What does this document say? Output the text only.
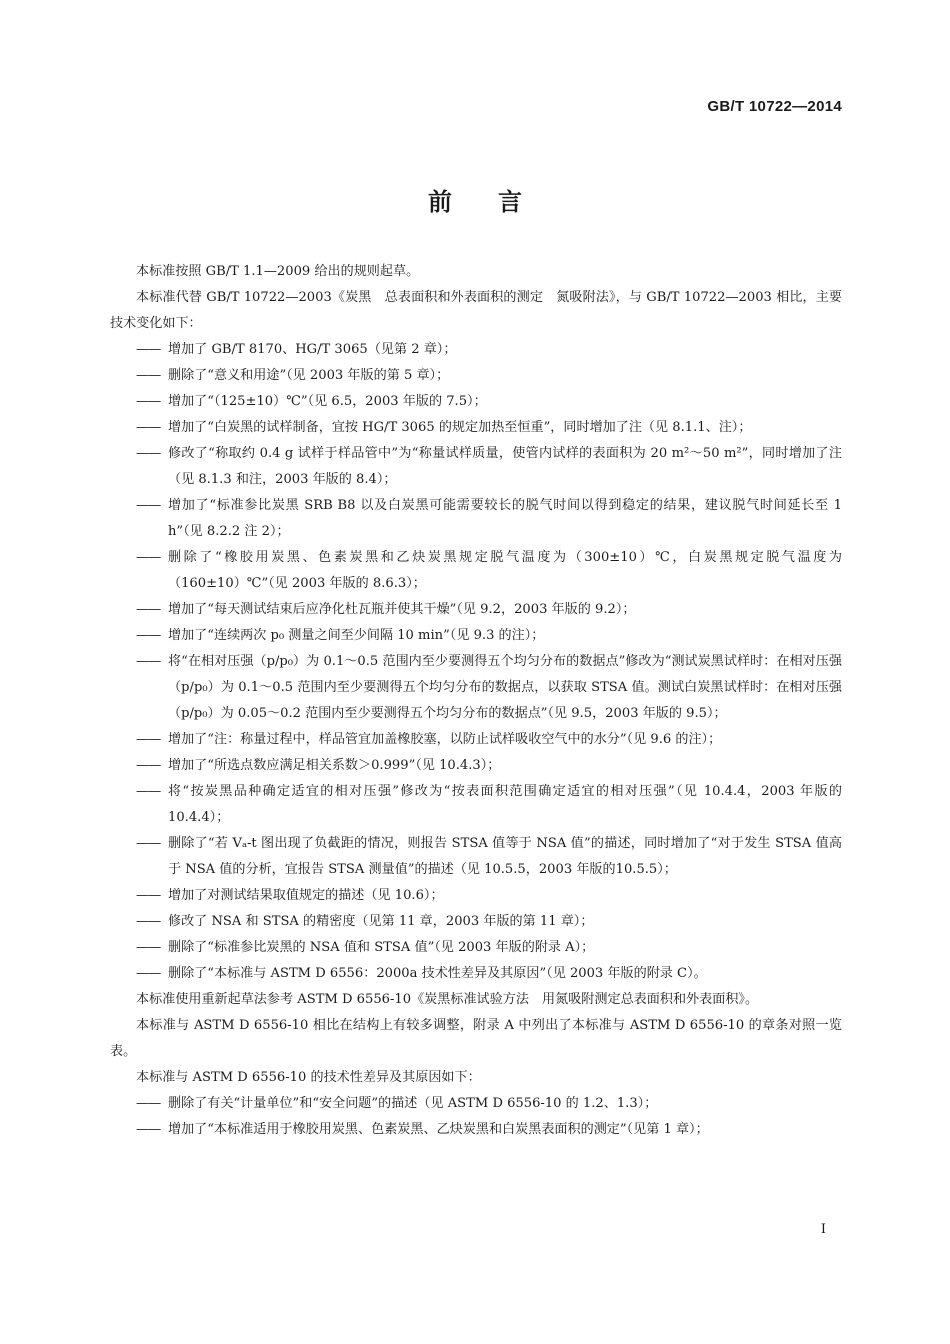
GB/T 10722—2014
前言

本标准按照 GB/T 1.1—2009 给出的规则起草。

本标准代替 GB/T 10722—2003《炭黑　总表面积和外表面积的测定　氮吸附法》，与 GB/T 10722—2003 相比，主要技术变化如下：

—— 增加了 GB/T 8170、HG/T 3065（见第 2 章）；
—— 删除了“意义和用途”（见 2003 年版的第 5 章）；
—— 增加了“（125±10）℃”（见 6.5，2003 年版的 7.5）；
—— 增加了“白炭黑的试样制备，宜按 HG/T 3065 的规定加热至恒重”，同时增加了注（见 8.1.1、注）；
—— 修改了“称取约 0.4 g 试样于样品管中”为“称量试样质量，使管内试样的表面积为 20 m²～50 m²”，同时增加了注（见 8.1.3 和注，2003 年版的 8.4）；
—— 增加了“标准参比炭黑 SRB B8 以及白炭黑可能需要较长的脱气时间以得到稳定的结果，建议脱气时间延长至 1 h”（见 8.2.2 注 2）；
—— 删除了“橡胶用炭黑、色素炭黑和乙炔炭黑规定脱气温度为（300±10）℃，白炭黑规定脱气温度为（160±10）℃”（见 2003 年版的 8.6.3）；
—— 增加了“每天测试结束后应净化杜瓦瓶并使其干燥”（见 9.2，2003 年版的 9.2）；
—— 增加了“连续两次 p₀ 测量之间至少间隔 10 min”（见 9.3 的注）；
—— 将“在相对压强（p/p₀）为 0.1～0.5 范围内至少要测得五个均匀分布的数据点”修改为“测试炭黑试样时：在相对压强（p/p₀）为 0.1～0.5 范围内至少要测得五个均匀分布的数据点，以获取 STSA 值。测试白炭黑试样时：在相对压强（p/p₀）为 0.05～0.2 范围内至少要测得五个均匀分布的数据点”（见 9.5，2003 年版的 9.5）；
—— 增加了“注：称量过程中，样品管宜加盖橡胶塞，以防止试样吸收空气中的水分”（见 9.6 的注）；
—— 增加了“所选点数应满足相关系数＞0.999”（见 10.4.3）；
—— 将“按炭黑品种确定适宜的相对压强”修改为“按表面积范围确定适宜的相对压强”（见 10.4.4，2003 年版的 10.4.4）；
—— 删除了“若 Vₐ-t 图出现了负截距的情况，则报告 STSA 值等于 NSA 值”的描述，同时增加了“对于发生 STSA 值高于 NSA 值的分析，宜报告 STSA 测量值”的描述（见 10.5.5，2003 年版的10.5.5）；
—— 增加了对测试结果取值规定的描述（见 10.6）；
—— 修改了 NSA 和 STSA 的精密度（见第 11 章，2003 年版的第 11 章）；
—— 删除了“标准参比炭黑的 NSA 值和 STSA 值”（见 2003 年版的附录 A）；
—— 删除了“本标准与 ASTM D 6556：2000a 技术性差异及其原因”（见 2003 年版的附录 C）。

本标准使用重新起草法参考 ASTM D 6556-10《炭黑标准试验方法　用氮吸附测定总表面积和外表面积》。

本标准与 ASTM D 6556-10 相比在结构上有较多调整，附录 A 中列出了本标准与 ASTM D 6556-10 的章条对照一览表。

本标准与 ASTM D 6556-10 的技术性差异及其原因如下：

—— 删除了有关“计量单位”和“安全问题”的描述（见 ASTM D 6556-10 的 1.2、1.3）；
—— 增加了“本标准适用于橡胶用炭黑、色素炭黑、乙炔炭黑和白炭黑表面积的测定”（见第 1 章）；
I
